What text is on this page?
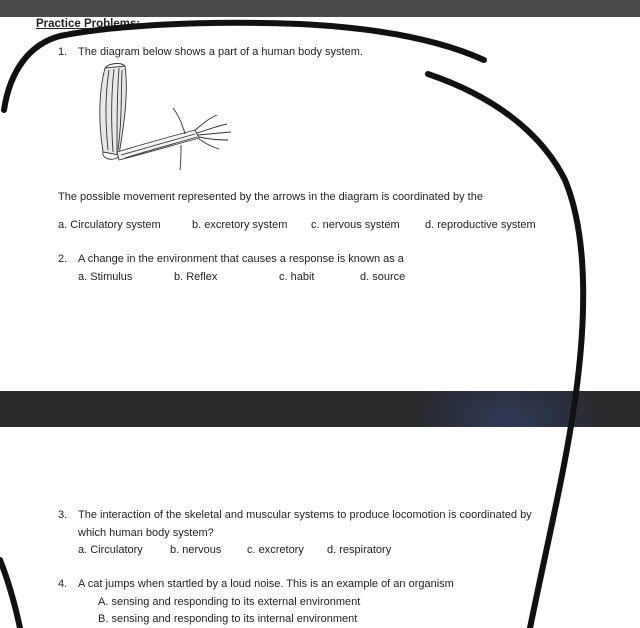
Practice Problems:
1. The diagram below shows a part of a human body system.
The possible movement represented by the arrows in the diagram is coordinated by the
a. Circulatory system	b. excretory system c. nervous system d. reproductive system
2. A change in the environment that causes a response is known as a
a. Stimulus	b. Reflex	c. habit	d. source
3. The interaction of the skeletal and muscular systems to produce locomotion is coordinated by
which human body system?
a. Circulatory b. nervous c. excretory d. respiratory
4. A cat jumps when startled by a loud noise. This is an example of an organism
A. sensing and responding to its external environment
B. sensing and responding to its internal environment
